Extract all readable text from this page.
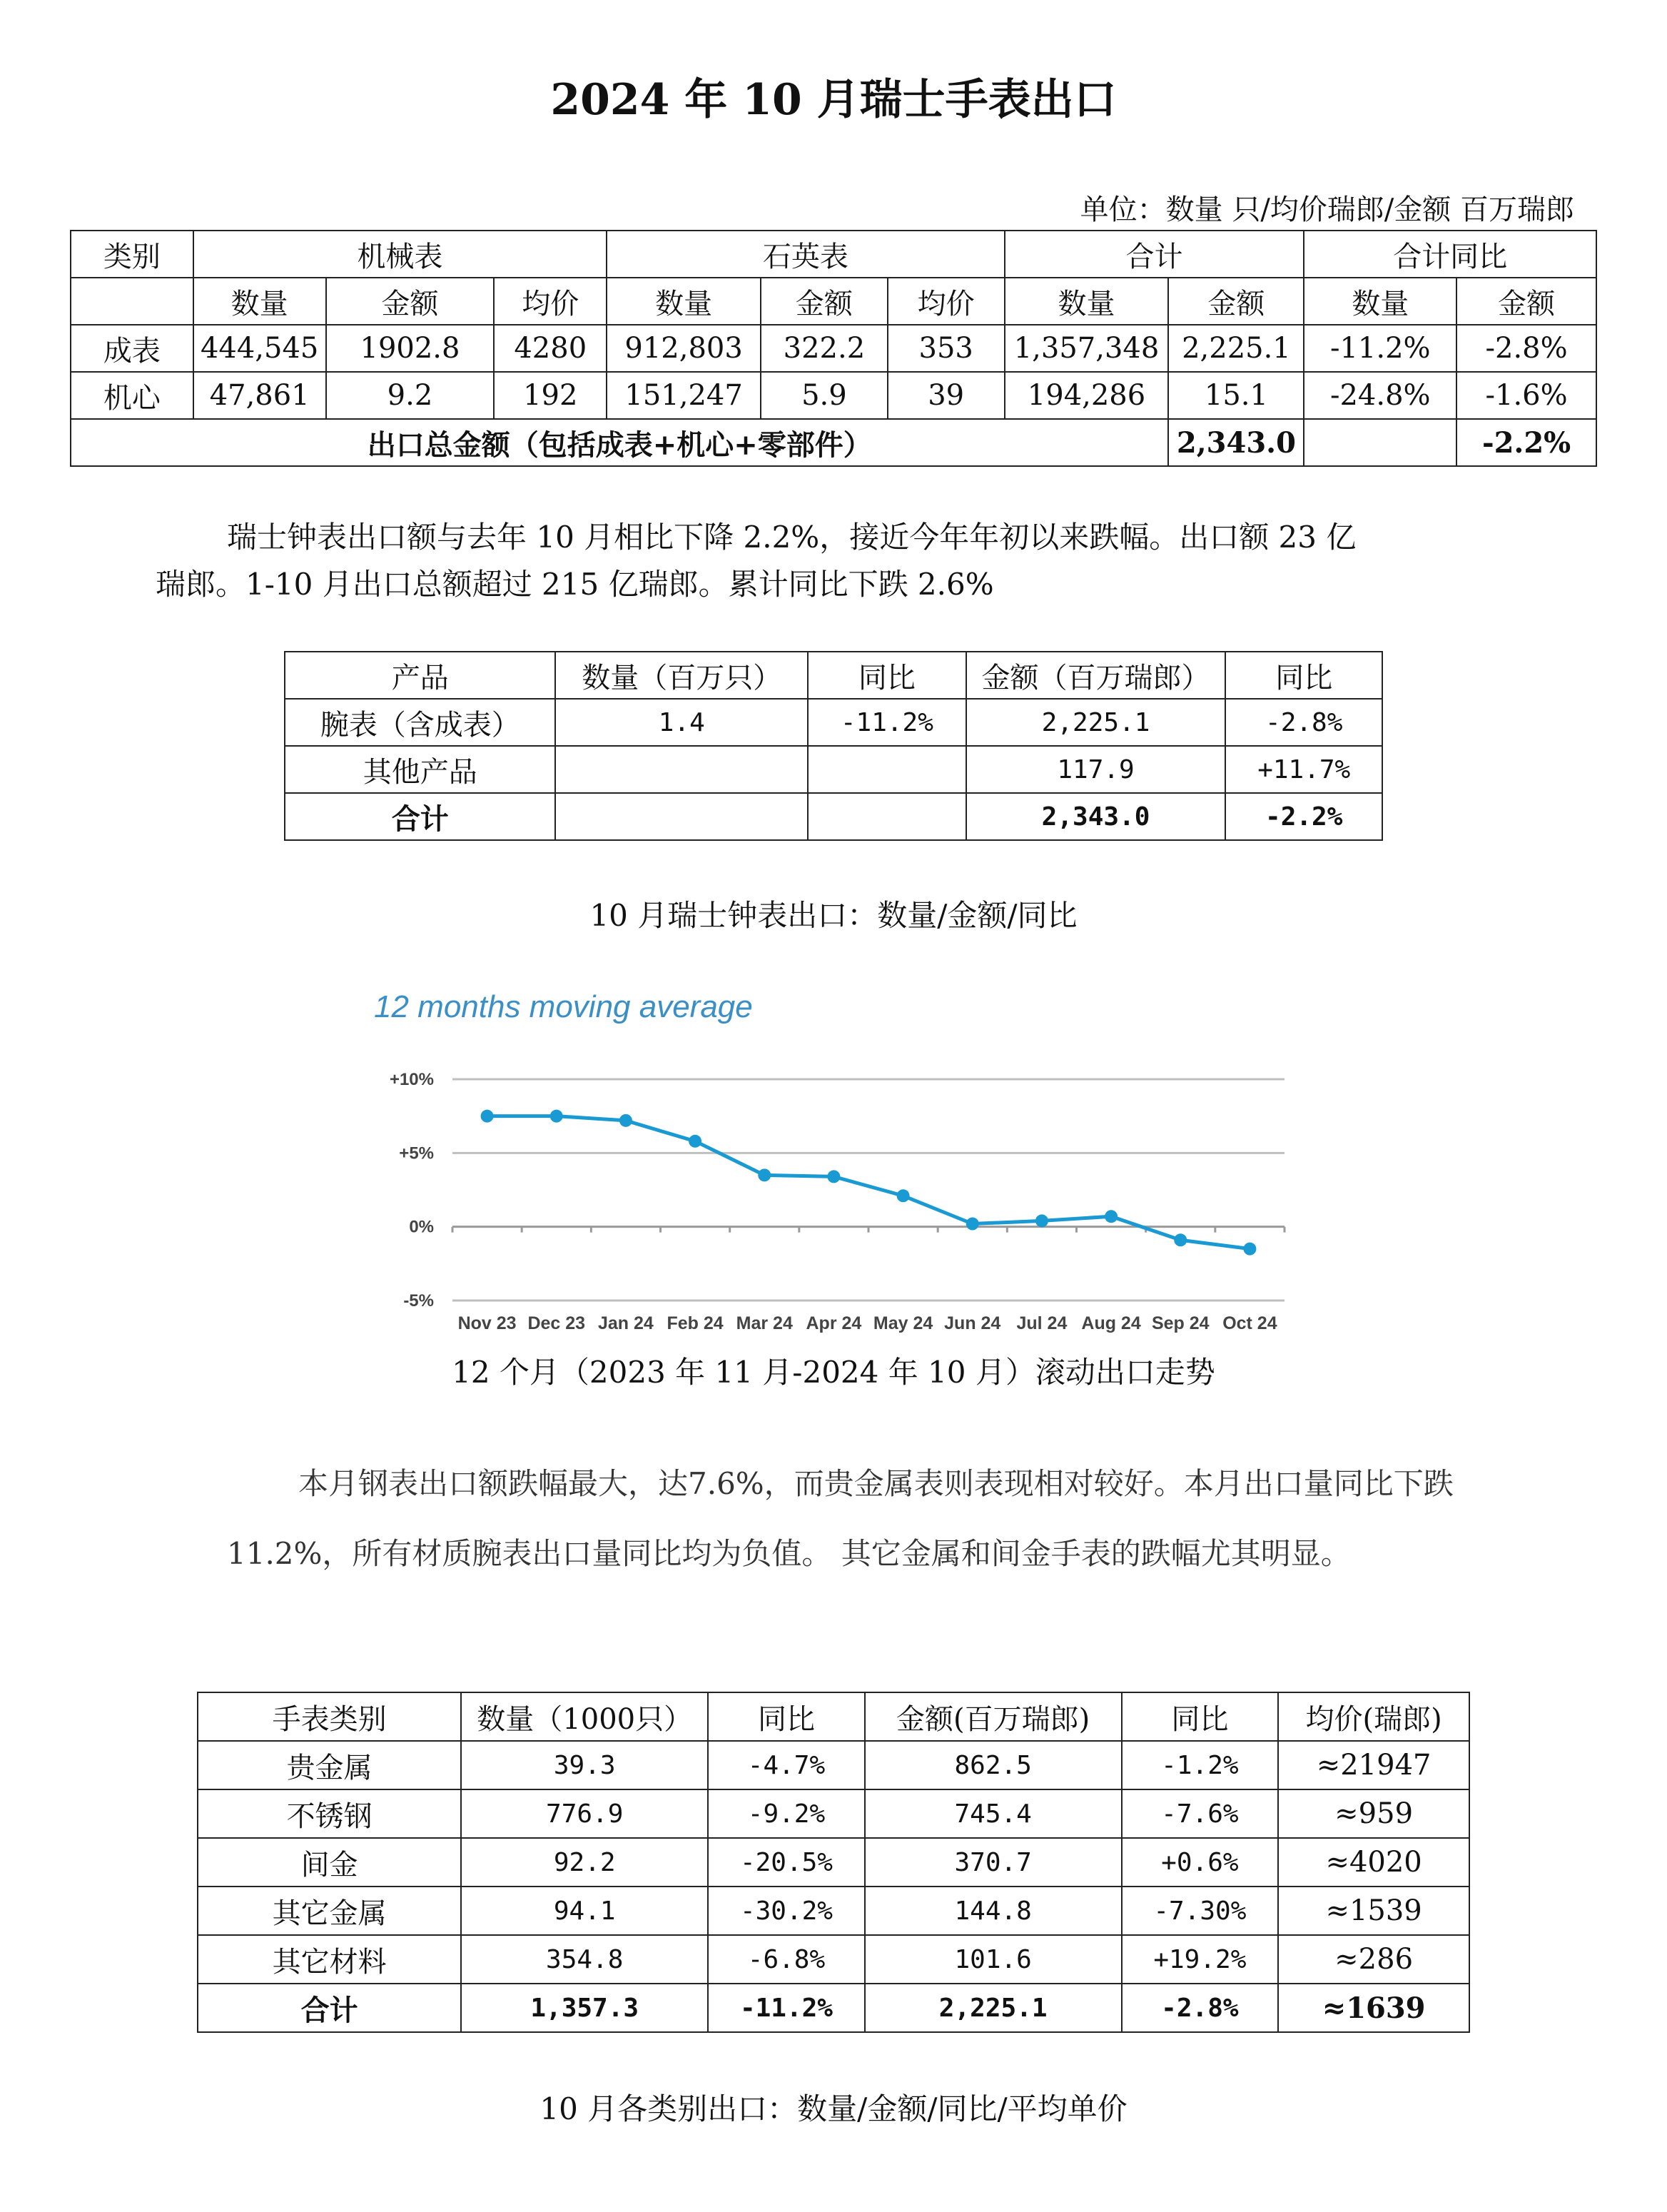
2024 年 10 月瑞士手表出口
单位：数量 只/均价瑞郎/金额 百万瑞郎
类别	机械表			石英表			合计		合计同比	
	数量	金额	均价	数量	金额	均价	数量	金额	数量	金额
成表	444,545	1902.8	4280	912,803	322.2	353	1,357,348	2,225.1	-11.2%	-2.8%
机心	47,861	9.2	192	151,247	5.9	39	194,286	15.1	-24.8%	-1.6%
出口总金额（包括成表+机心+零部件）								2,343.0		-2.2%
瑞士钟表出口额与去年 10 月相比下降 2.2%，接近今年年初以来跌幅。出口额 23 亿瑞郎。1-10 月出口总额超过 215 亿瑞郎。累计同比下跌 2.6%
产品	数量（百万只）	同比	金额（百万瑞郎）	同比
腕表（含成表）	1.4	-11.2%	2,225.1	-2.8%
其他产品			117.9	+11.7%
合计			2,343.0	-2.2%
10 月瑞士钟表出口：数量/金额/同比
12 months moving average
+10%
+5%
0%
-5%
Nov 23 Dec 23 Jan 24 Feb 24 Mar 24 Apr 24 May 24 Jun 24 Jul 24 Aug 24 Sep 24 Oct 24
12 个月（2023 年 11 月-2024 年 10 月）滚动出口走势
本月钢表出口额跌幅最大，达7.6%，而贵金属表则表现相对较好。本月出口量同比下跌11.2%，所有材质腕表出口量同比均为负值。 其它金属和间金手表的跌幅尤其明显。
手表类别	数量（1000只）	同比	金额(百万瑞郎)	同比	均价(瑞郎)
贵金属	39.3	-4.7%	862.5	-1.2%	≈21947
不锈钢	776.9	-9.2%	745.4	-7.6%	≈959
间金	92.2	-20.5%	370.7	+0.6%	≈4020
其它金属	94.1	-30.2%	144.8	-7.30%	≈1539
其它材料	354.8	-6.8%	101.6	+19.2%	≈286
合计	1,357.3	-11.2%	2,225.1	-2.8%	≈1639
10 月各类别出口：数量/金额/同比/平均单价
